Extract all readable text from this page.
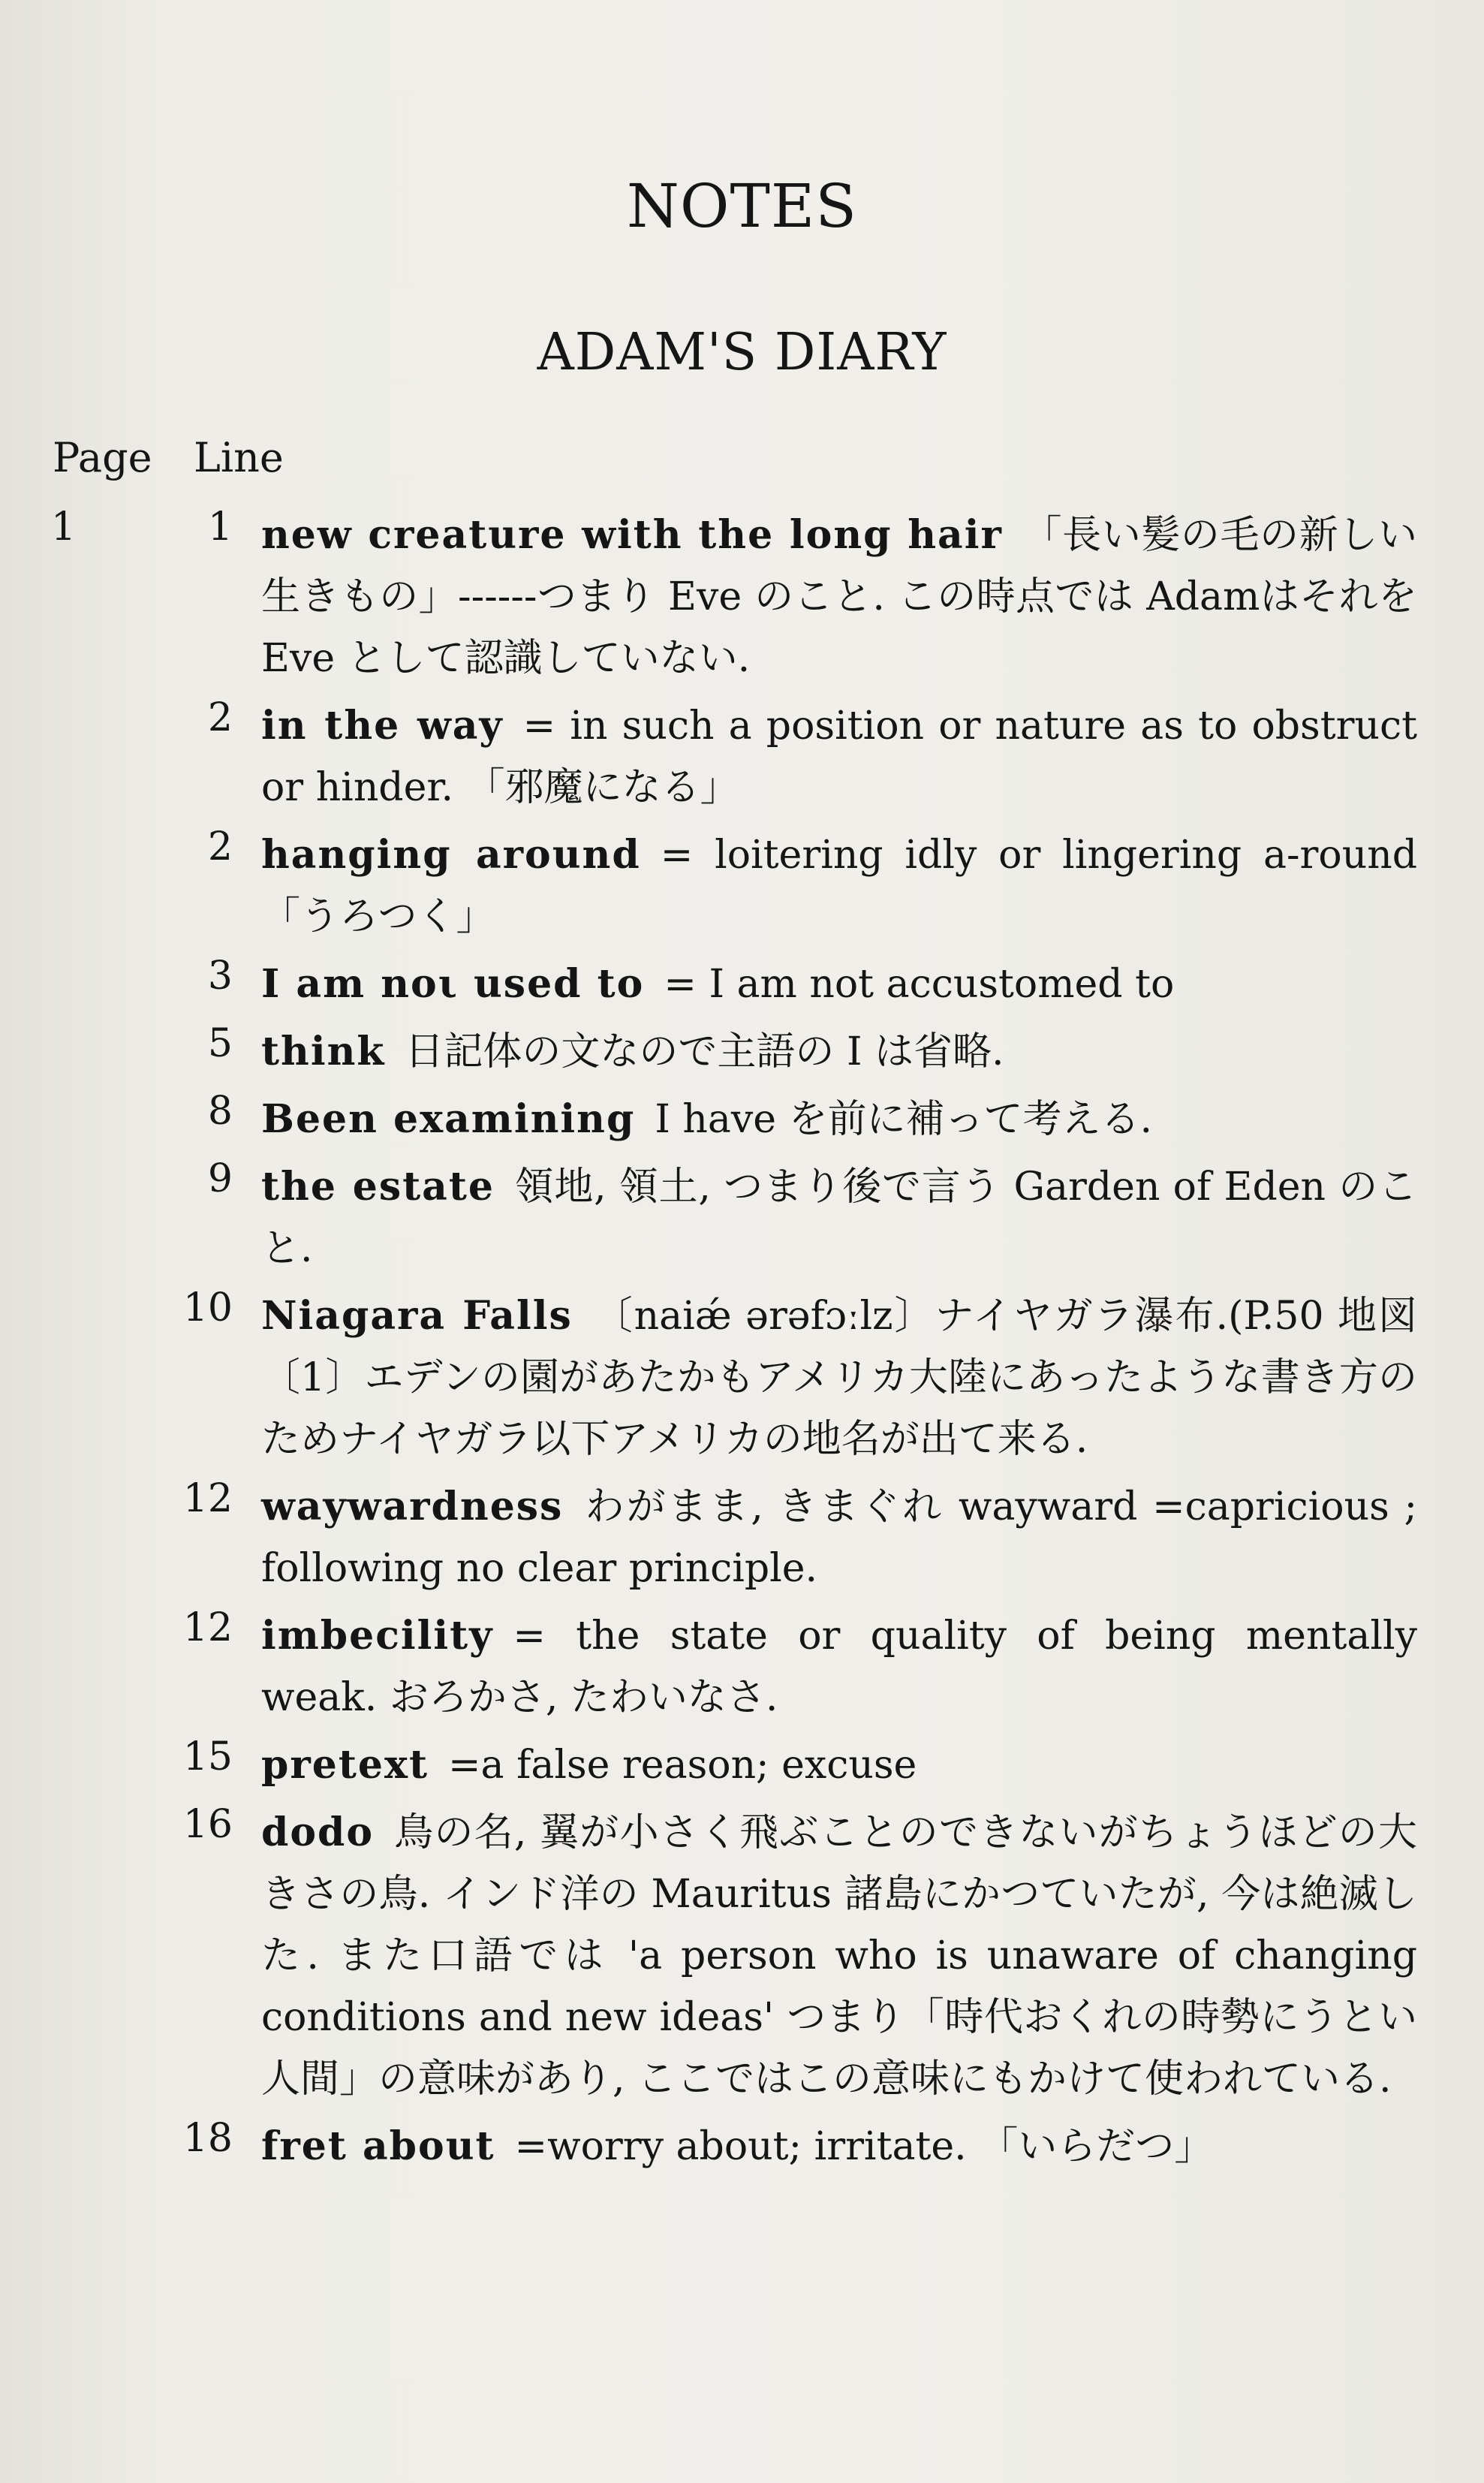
NOTES
ADAM'S DIARY
Page Line
1	1 new creature with the long hair 「長い髪の毛の新しい生きもの」------つまり Eve のこと. この時点では Adamはそれを Eve として認識していない.
2 in the way = in such a position or nature as to obstruct or hinder. 「邪魔になる」
2 hanging around = loitering idly or lingering a-round「うろつく」
3 I am noι used to = I am not accustomed to
5 think 日記体の文なので主語の I は省略.
8 Been examining I have を前に補って考える.
9 the estate 領地, 領土, つまり後で言う Garden of Eden のこと.
10 Niagara Falls 〔naiǽ ərəfɔːlz〕ナイヤガラ瀑布.(P.50 地図〔1〕エデンの園があたかもアメリカ大陸にあったような書き方のためナイヤガラ以下アメリカの地名が出て来る.
12 waywardness わがまま, きまぐれ wayward =capricious ; following no clear principle.
12 imbecility = the state or quality of being mentally weak. おろかさ, たわいなさ.
15 pretext =a false reason; excuse
16 dodo 鳥の名, 翼が小さく飛ぶことのできないがちょうほどの大きさの鳥. インド洋の Mauritus 諸島にかつていたが, 今は絶滅した. また口語では 'a person who is unaware of changing conditions and new ideas' つまり「時代おくれの時勢にうとい人間」の意味があり, ここではこの意味にもかけて使われている.
18 fret about =worry about; irritate. 「いらだつ」
